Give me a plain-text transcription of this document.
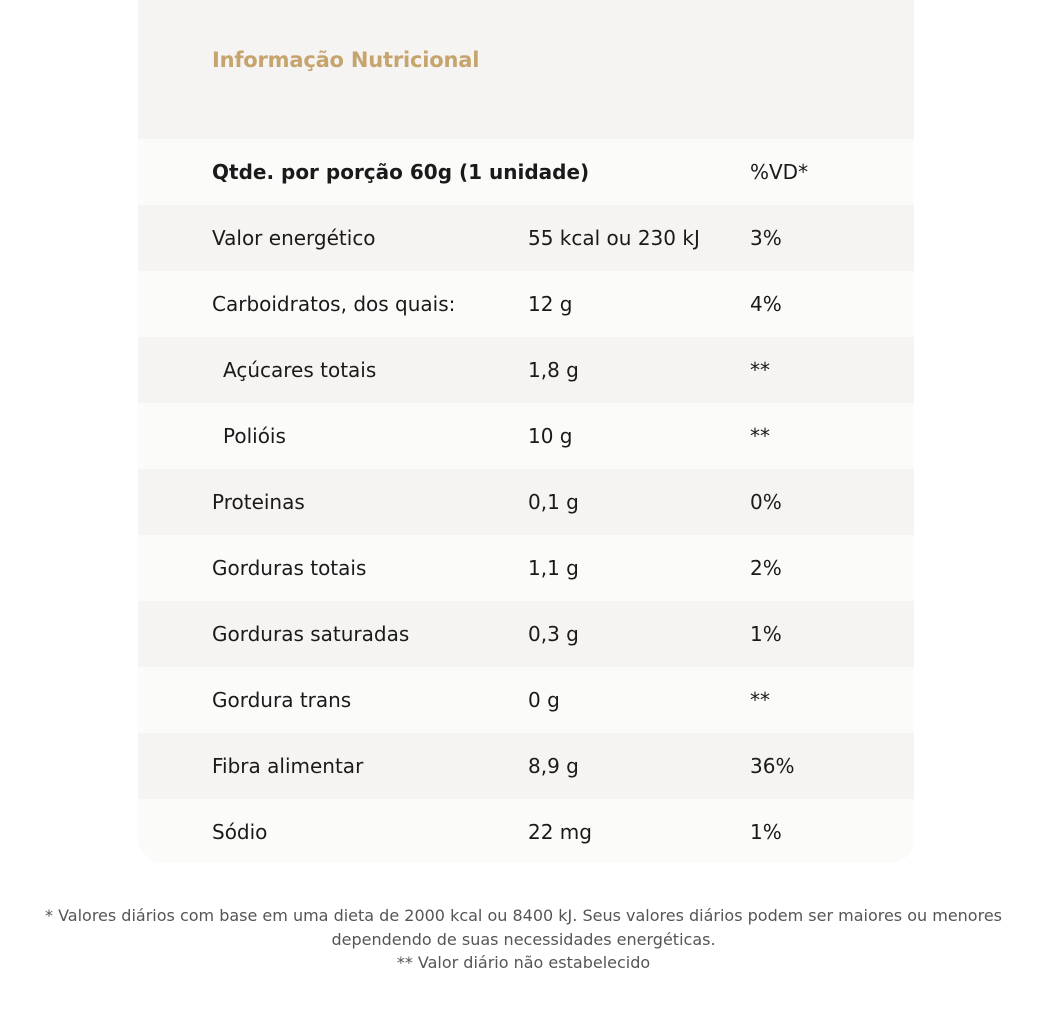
Informação Nutricional
Qtde. por porção 60g (1 unidade)	%VD*
Valor energético	55 kcal ou 230 kJ	3%
Carboidratos, dos quais:	12 g	4%
Açúcares totais	1,8 g	**
Polióis	10 g	**
Proteinas	0,1 g	0%
Gorduras totais	1,1 g	2%
Gorduras saturadas	0,3 g	1%
Gordura trans	0 g	**
Fibra alimentar	8,9 g	36%
Sódio	22 mg	1%

* Valores diários com base em uma dieta de 2000 kcal ou 8400 kJ. Seus valores diários podem ser maiores ou menores

dependendo de suas necessidades energéticas.

** Valor diário não estabelecido
